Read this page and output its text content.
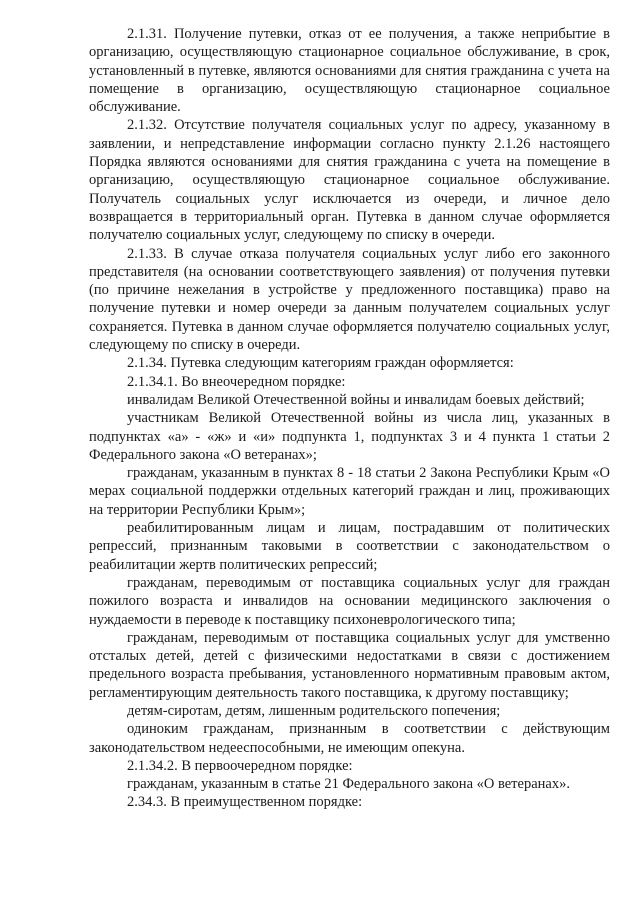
2.1.31. Получение путевки, отказ от ее получения, а также неприбытие в организацию, осуществляющую стационарное социальное обслуживание, в срок, установленный в путевке, являются основаниями для снятия гражданина с учета на помещение в организацию, осуществляющую стационарное социальное обслуживание.

2.1.32. Отсутствие получателя социальных услуг по адресу, указанному в заявлении, и непредставление информации согласно пункту 2.1.26 настоящего Порядка являются основаниями для снятия гражданина с учета на помещение в организацию, осуществляющую стационарное социальное обслуживание. Получатель социальных услуг исключается из очереди, и личное дело возвращается в территориальный орган. Путевка в данном случае оформляется получателю социальных услуг, следующему по списку в очереди.

2.1.33. В случае отказа получателя социальных услуг либо его законного представителя (на основании соответствующего заявления) от получения путевки (по причине нежелания в устройстве у предложенного поставщика) право на получение путевки и номер очереди за данным получателем социальных услуг сохраняется. Путевка в данном случае оформляется получателю социальных услуг, следующему по списку в очереди.

2.1.34. Путевка следующим категориям граждан оформляется:

2.1.34.1. Во внеочередном порядке:

инвалидам Великой Отечественной войны и инвалидам боевых действий;

участникам Великой Отечественной войны из числа лиц, указанных в подпунктах «а» - «ж» и «и» подпункта 1, подпунктах 3 и 4 пункта 1 статьи 2 Федерального закона «О ветеранах»;

гражданам, указанным в пунктах 8 - 18 статьи 2 Закона Республики Крым «О мерах социальной поддержки отдельных категорий граждан и лиц, проживающих на территории Республики Крым»;

реабилитированным лицам и лицам, пострадавшим от политических репрессий, признанным таковыми в соответствии с законодательством о реабилитации жертв политических репрессий;

гражданам, переводимым от поставщика социальных услуг для граждан пожилого возраста и инвалидов на основании медицинского заключения о нуждаемости в переводе к поставщику психоневрологического типа;

гражданам, переводимым от поставщика социальных услуг для умственно отсталых детей, детей с физическими недостатками в связи с достижением предельного возраста пребывания, установленного нормативным правовым актом, регламентирующим деятельность такого поставщика, к другому поставщику;

детям-сиротам, детям, лишенным родительского попечения;

одиноким гражданам, признанным в соответствии с действующим законодательством недееспособными, не имеющим опекуна.

2.1.34.2. В первоочередном порядке:

гражданам, указанным в статье 21 Федерального закона «О ветеранах».

2.34.3. В преимущественном порядке:
